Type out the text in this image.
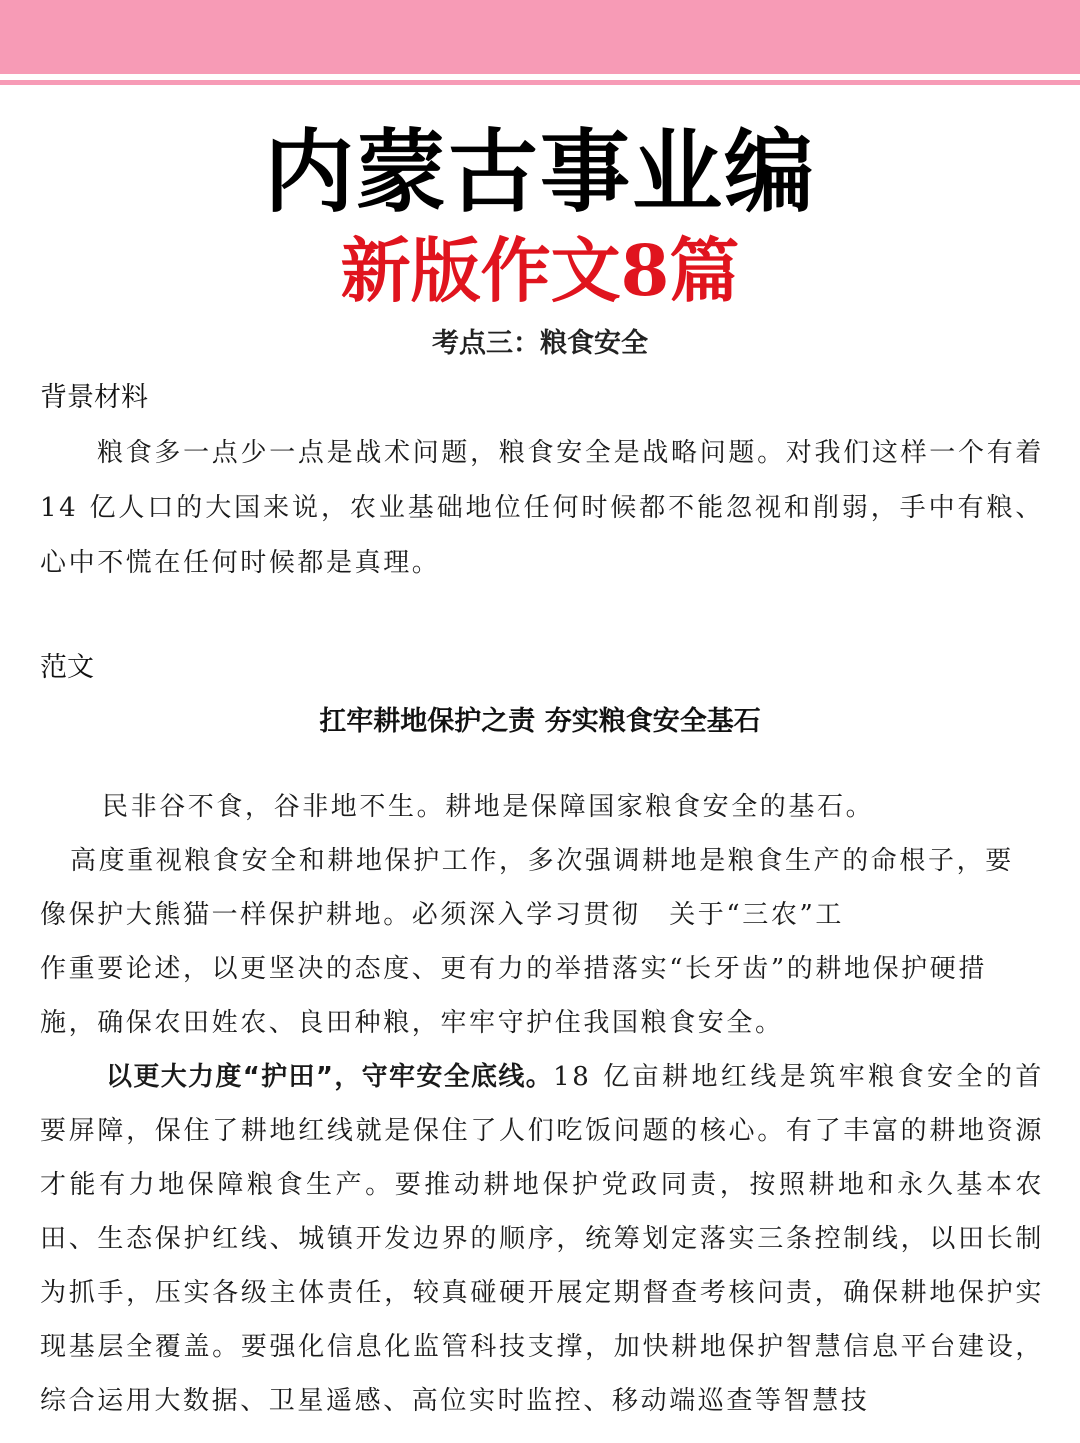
内蒙古事业编
新版作文8篇
考点三：粮食安全
背景材料

粮食多一点少一点是战术问题，粮食安全是战略问题。对我们这样一个有着 14 亿人口的大国来说，农业基础地位任何时候都不能忽视和削弱，手中有粮、心中不慌在任何时候都是真理。

范文
扛牢耕地保护之责 夯实粮食安全基石

民非谷不食，谷非地不生。耕地是保障国家粮食安全的基石。

高度重视粮食安全和耕地保护工作，多次强调耕地是粮食生产的命根子，要

像保护大熊猫一样保护耕地。必须深入学习贯彻　关于“三农”工

作重要论述，以更坚决的态度、更有力的举措落实“长牙齿”的耕地保护硬措

施，确保农田姓农、良田种粮，牢牢守护住我国粮食安全。

以更大力度“护田”，守牢安全底线。18 亿亩耕地红线是筑牢粮食安全的首要屏障，保住了耕地红线就是保住了人们吃饭问题的核心。有了丰富的耕地资源才能有力地保障粮食生产。要推动耕地保护党政同责，按照耕地和永久基本农田、生态保护红线、城镇开发边界的顺序，统筹划定落实三条控制线，以田长制为抓手，压实各级主体责任，较真碰硬开展定期督查考核问责，确保耕地保护实现基层全覆盖。要强化信息化监管科技支撑，加快耕地保护智慧信息平台建设，综合运用大数据、卫星遥感、高位实时监控、移动端巡查等智慧技
